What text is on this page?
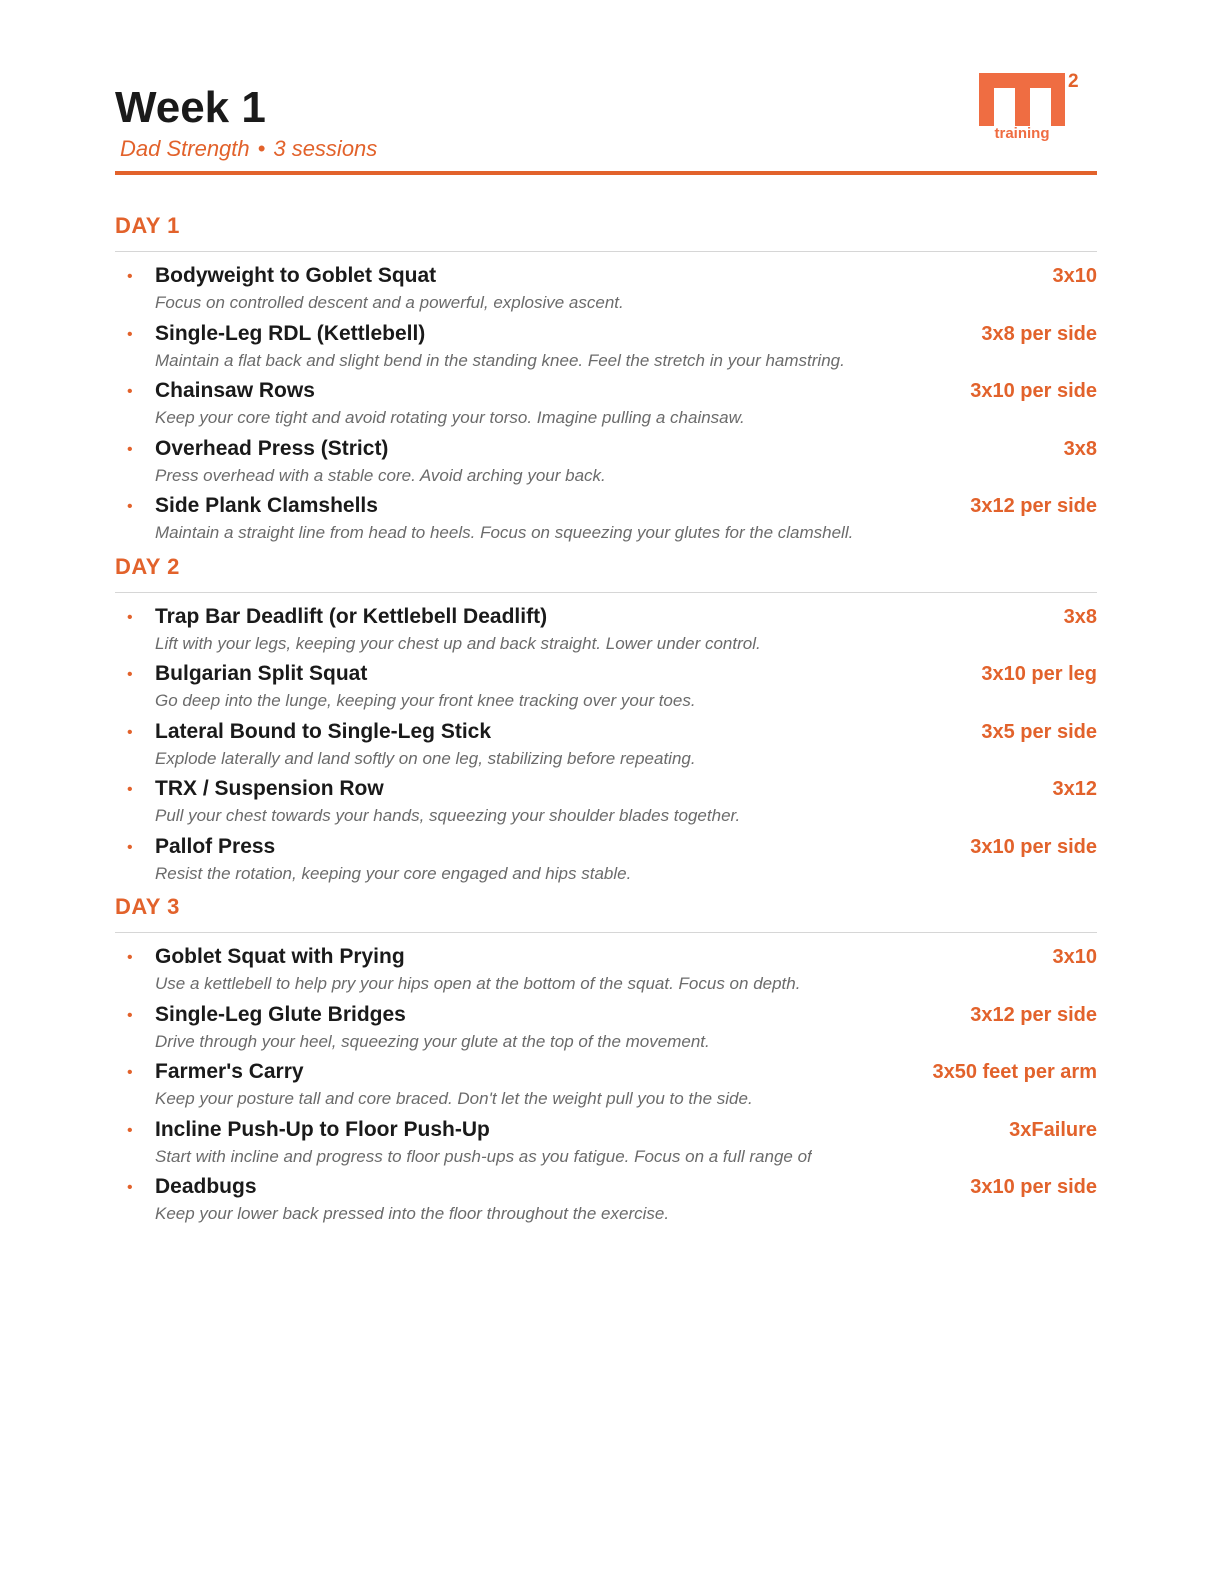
Week 1
Dad Strength • 3 sessions
2
training
DAY 1
• Bodyweight to Goblet Squat	3x10
Focus on controlled descent and a powerful, explosive ascent.
• Single-Leg RDL (Kettlebell)	3x8 per side
Maintain a flat back and slight bend in the standing knee. Feel the stretch in your hamstring.
• Chainsaw Rows	3x10 per side
Keep your core tight and avoid rotating your torso. Imagine pulling a chainsaw.
• Overhead Press (Strict)	3x8
Press overhead with a stable core. Avoid arching your back.
• Side Plank Clamshells	3x12 per side
Maintain a straight line from head to heels. Focus on squeezing your glutes for the clamshell.
DAY 2
• Trap Bar Deadlift (or Kettlebell Deadlift)	3x8
Lift with your legs, keeping your chest up and back straight. Lower under control.
• Bulgarian Split Squat	3x10 per leg
Go deep into the lunge, keeping your front knee tracking over your toes.
• Lateral Bound to Single-Leg Stick	3x5 per side
Explode laterally and land softly on one leg, stabilizing before repeating.
• TRX / Suspension Row	3x12
Pull your chest towards your hands, squeezing your shoulder blades together.
• Pallof Press	3x10 per side
Resist the rotation, keeping your core engaged and hips stable.
DAY 3
• Goblet Squat with Prying	3x10
Use a kettlebell to help pry your hips open at the bottom of the squat. Focus on depth.
• Single-Leg Glute Bridges	3x12 per side
Drive through your heel, squeezing your glute at the top of the movement.
• Farmer's Carry	3x50 feet per arm
Keep your posture tall and core braced. Don't let the weight pull you to the side.
• Incline Push-Up to Floor Push-Up	3xFailure
Start with incline and progress to floor push-ups as you fatigue. Focus on a full range of
• Deadbugs	3x10 per side
Keep your lower back pressed into the floor throughout the exercise.
